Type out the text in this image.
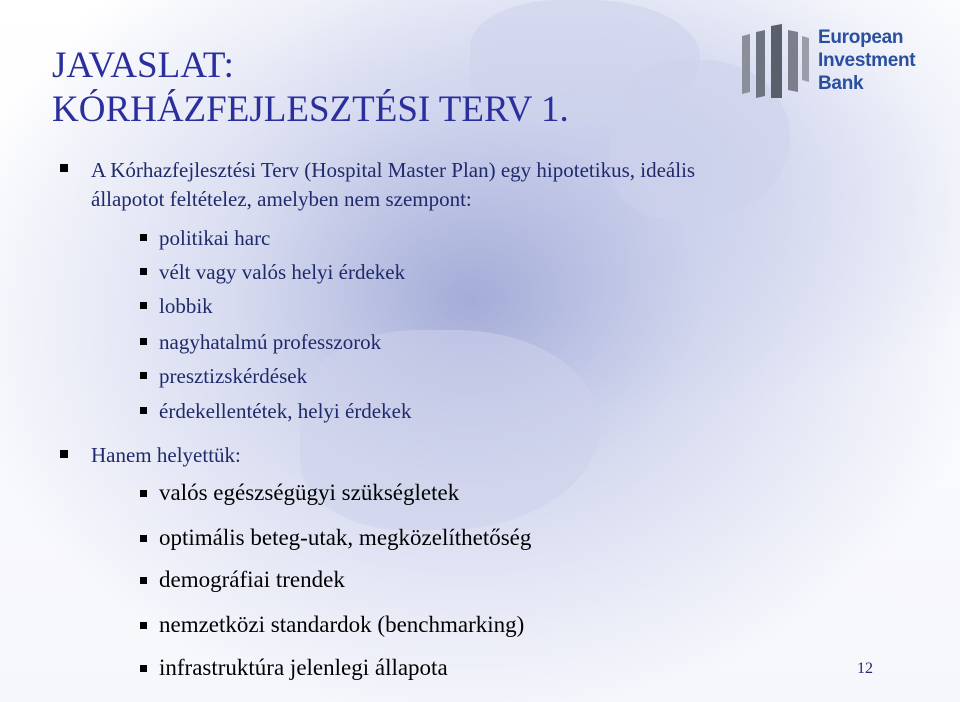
European
Investment
Bank
JAVASLAT:
KÓRHÁZFEJLESZTÉSI TERV 1.
A Kórhazfejlesztési Terv (Hospital Master Plan) egy hipotetikus, ideális
állapotot feltételez, amelyben nem szempont:
politikai harc
vélt vagy valós helyi érdekek
lobbik
nagyhatalmú professzorok
presztizskérdések
érdekellentétek, helyi érdekek
Hanem helyettük:
valós egészségügyi szükségletek
optimális beteg-utak, megközelíthetőség
demográfiai trendek
nemzetközi standardok (benchmarking)
infrastruktúra jelenlegi állapota	12
